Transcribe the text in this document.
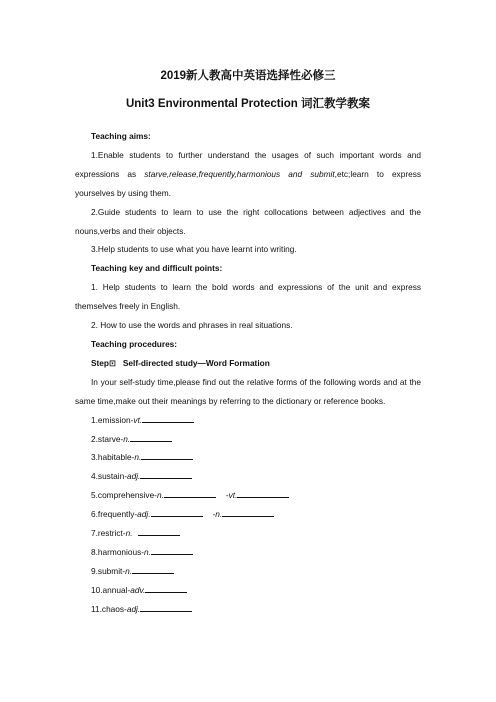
2019新人教高中英语选择性必修三
Unit3 Environmental Protection 词汇教学教案

Teaching aims:

1.Enable students to further understand the usages of such important words and expressions as starve,release,frequently,harmonious and submit,etc;learn to express yourselves by using them.

2.Guide students to learn to use the right collocations between adjectives and the nouns,verbs and their objects.

3.Help students to use what you have learnt into writing.

Teaching key and difficult points:

1. Help students to learn the bold words and expressions of the unit and express themselves freely in English.

2. How to use the words and phrases in real situations.

Teaching procedures:

Step⊡ Self-directed study—Word Formation

In your self-study time,please find out the relative forms of the following words and at the same time,make out their meanings by referring to the dictionary or reference books.

1.emission-vt.
2.starve-n.
3.habitable-n.
4.sustain-adj.
5.comprehensive-n.	-vt.
6.frequently-adj.	-n.
7.restrict-n.
8.harmonious-n.
9.submit-n.
10.annual-adv.
11.chaos-adj.
